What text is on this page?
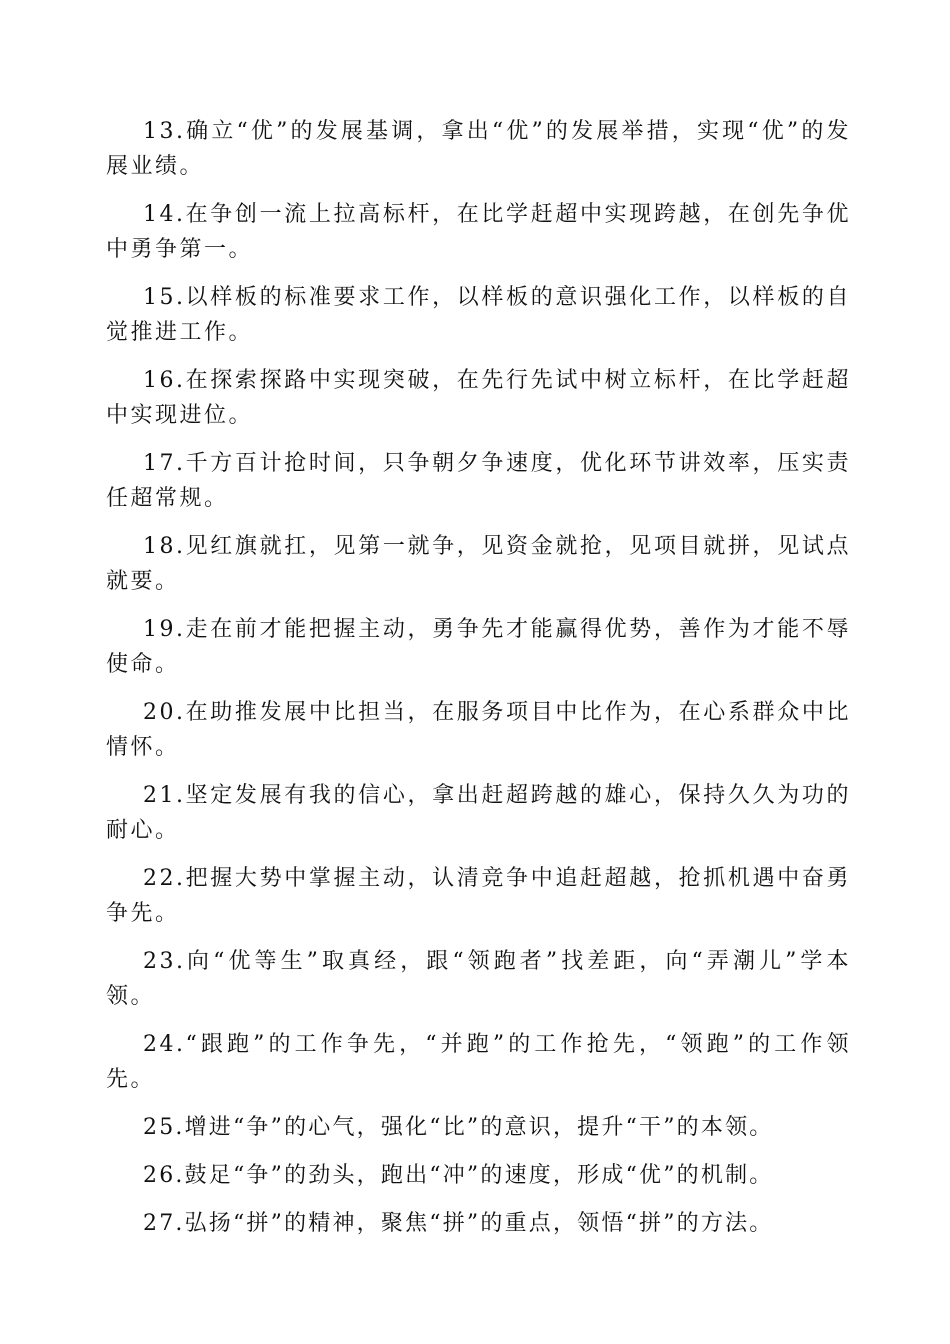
13.确立“优”的发展基调，拿出“优”的发展举措，实现“优”的发展业绩。

14.在争创一流上拉高标杆，在比学赶超中实现跨越，在创先争优中勇争第一。

15.以样板的标准要求工作，以样板的意识强化工作，以样板的自觉推进工作。

16.在探索探路中实现突破，在先行先试中树立标杆，在比学赶超中实现进位。

17.千方百计抢时间，只争朝夕争速度，优化环节讲效率，压实责任超常规。

18.见红旗就扛，见第一就争，见资金就抢，见项目就拼，见试点就要。

19.走在前才能把握主动，勇争先才能赢得优势，善作为才能不辱使命。

20.在助推发展中比担当，在服务项目中比作为，在心系群众中比情怀。

21.坚定发展有我的信心，拿出赶超跨越的雄心，保持久久为功的耐心。

22.把握大势中掌握主动，认清竞争中追赶超越，抢抓机遇中奋勇争先。

23.向“优等生”取真经，跟“领跑者”找差距，向“弄潮儿”学本领。

24.“跟跑”的工作争先，“并跑”的工作抢先，“领跑”的工作领先。

25.增进“争”的心气，强化“比”的意识，提升“干”的本领。

26.鼓足“争”的劲头，跑出“冲”的速度，形成“优”的机制。

27.弘扬“拼”的精神，聚焦“拼”的重点，领悟“拼”的方法。
